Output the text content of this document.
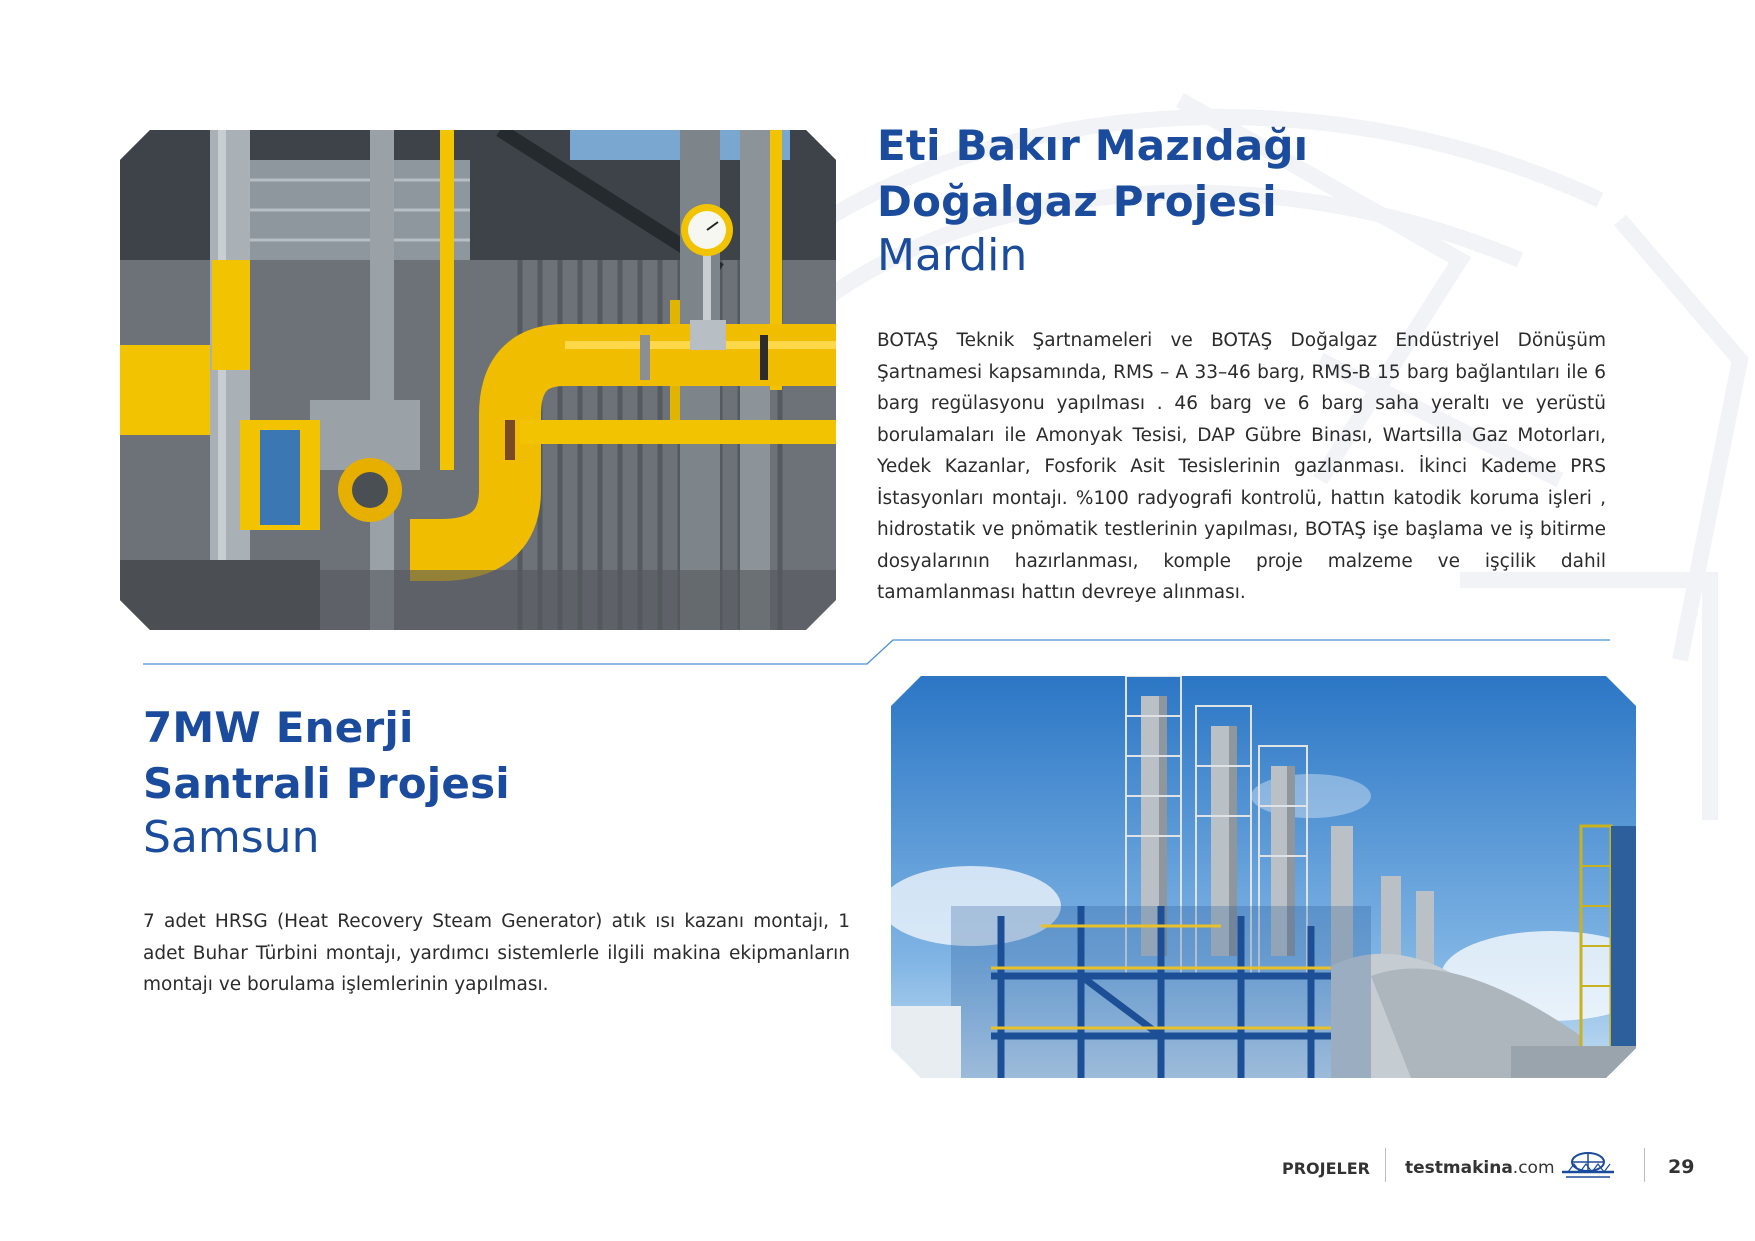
Eti Bakır Mazıdağı
Doğalgaz Projesi
Mardin

BOTAŞ Teknik Şartnameleri ve BOTAŞ Doğalgaz Endüstriyel Dönüşüm Şartnamesi kapsamında, RMS – A 33–46 barg, RMS-B 15 barg bağlantıları ile 6 barg regülasyonu yapılması . 46 barg ve 6 barg saha yeraltı ve yerüstü borulamaları ile Amonyak Tesisi, DAP Gübre Binası, Wartsilla Gaz Motorları, Yedek Kazanlar, Fosforik Asit Tesislerinin gazlanması. İkinci Kademe PRS İstasyonları montajı. %100 radyografi kontrolü, hattın katodik koruma işleri , hidrostatik ve pnömatik testlerinin yapılması, BOTAŞ işe başlama ve iş bitirme dosyalarının hazırlanması, komple proje malzeme ve işçilik dahil tamamlanması hattın devreye alınması.

7MW Enerji
Santrali Projesi
Samsun

7 adet HRSG (Heat Recovery Steam Generator) atık ısı kazanı montajı, 1 adet Buhar Türbini montajı, yardımcı sistemlerle ilgili makina ekipmanların montajı ve borulama işlemlerinin yapılması.

PROJELER testmakina.com	29
